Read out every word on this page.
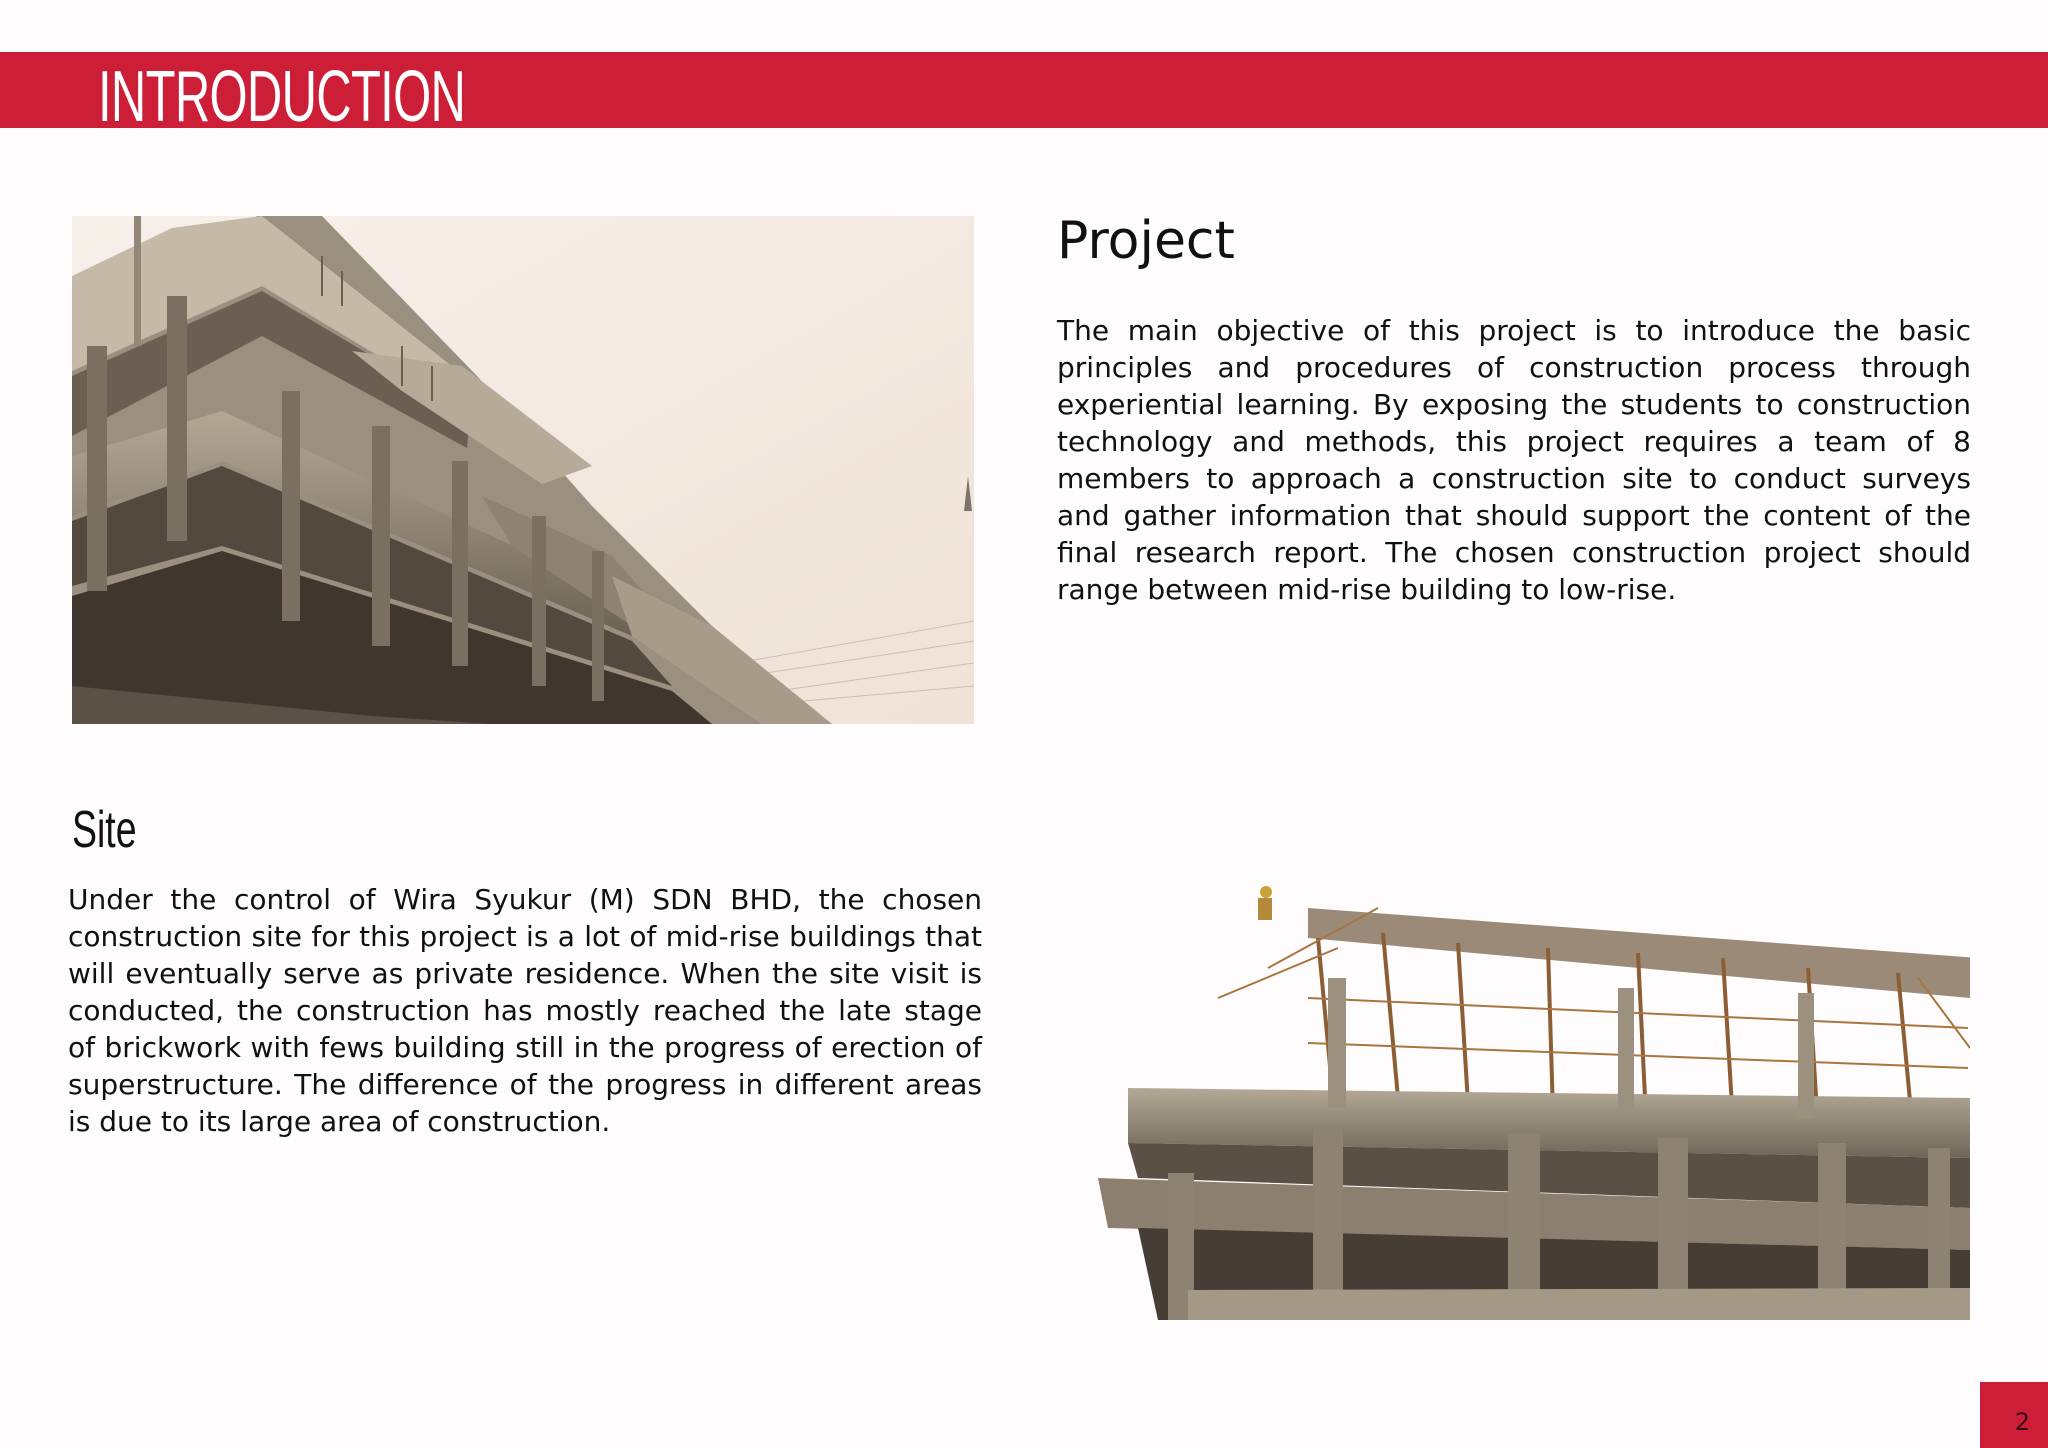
INTRODUCTION
Project

The main objective of this project is to introduce the basic principles and procedures of construction process through experiential learning. By exposing the students to construction technology and methods, this project requires a team of 8 members to approach a construction site to conduct surveys and gather information that should support the content of the final research report. The chosen construction project should range between mid-rise building to low-rise.

Site

Under the control of Wira Syukur (M) SDN BHD, the chosen construction site for this project is a lot of mid-rise buildings that will eventually serve as private residence. When the site visit is conducted, the construction has mostly reached the late stage of brickwork with fews building still in the progress of erection of superstructure. The difference of the progress in different areas is due to its large area of construction.

2
